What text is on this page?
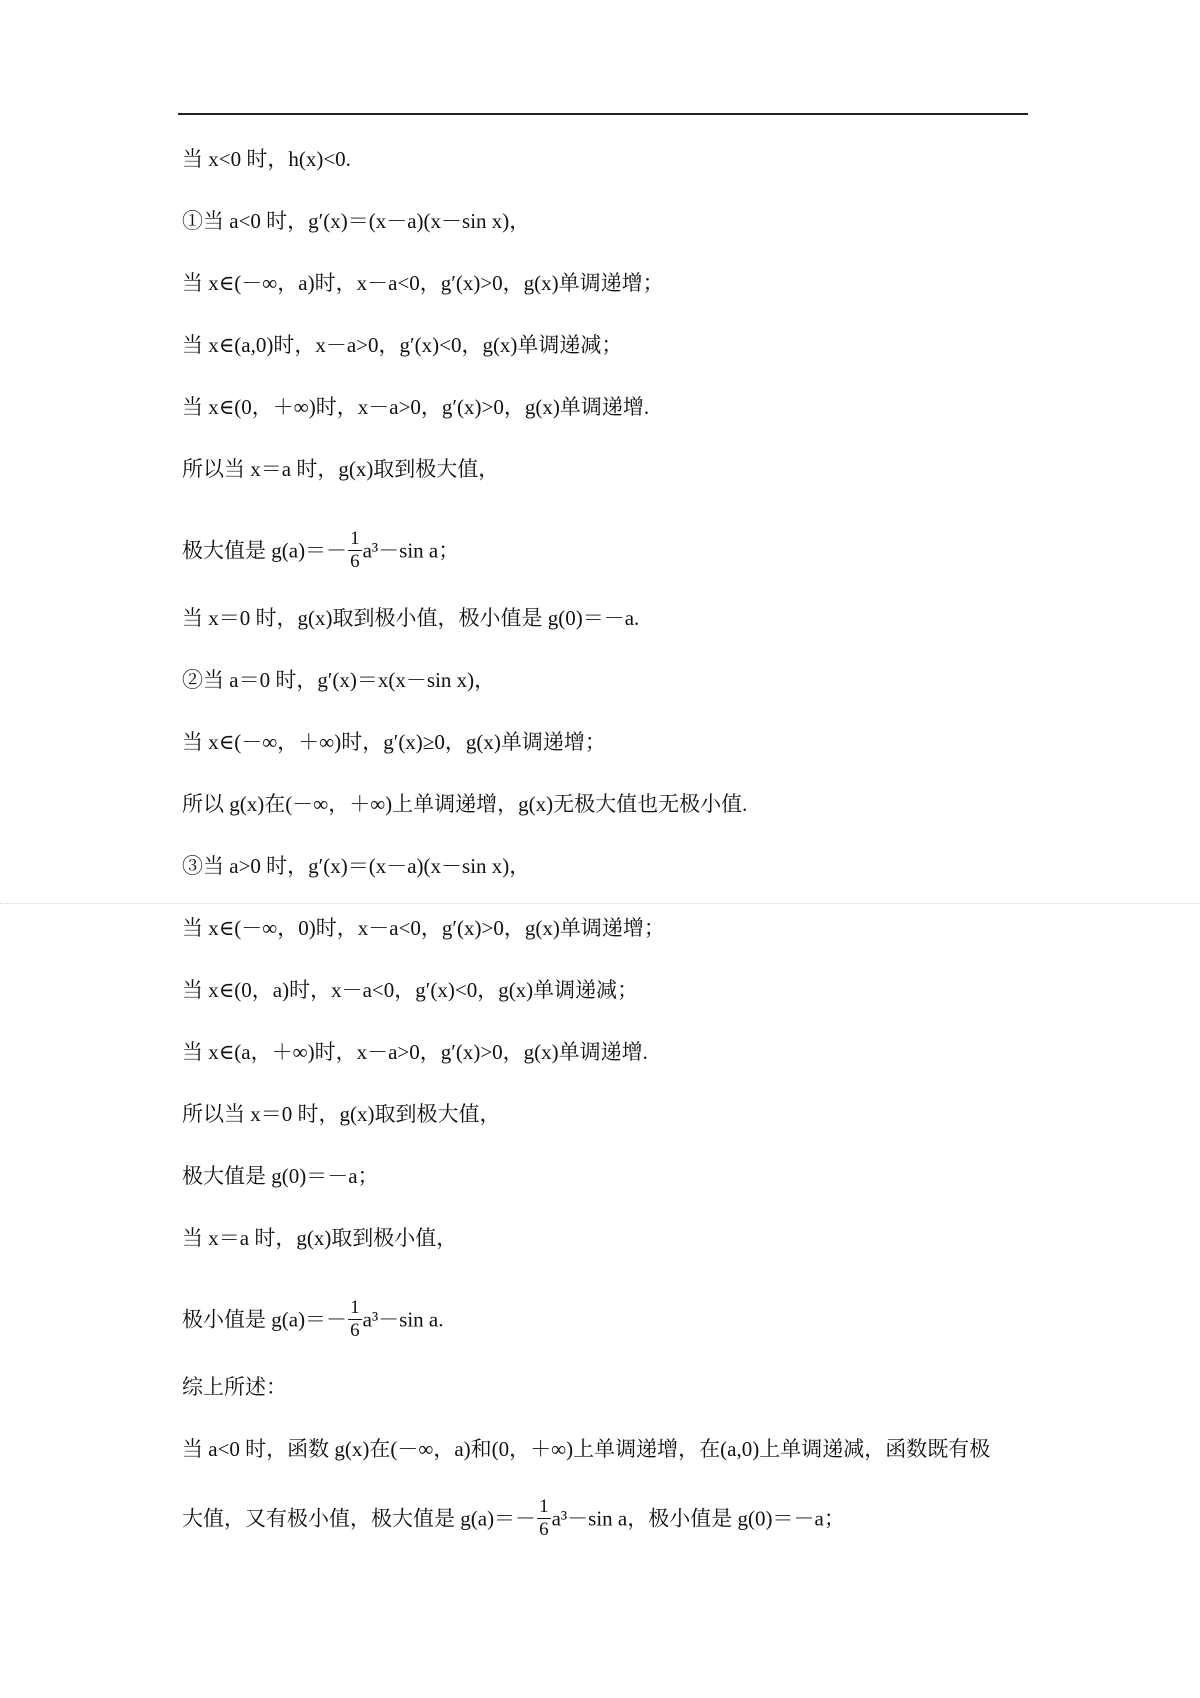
当 x<0 时，h(x)<0.
①当 a<0 时，g′(x)＝(x－a)(x－sin x)，
当 x∈(－∞，a)时，x－a<0，g′(x)>0，g(x)单调递增；
当 x∈(a,0)时，x－a>0，g′(x)<0，g(x)单调递减；
当 x∈(0，＋∞)时，x－a>0，g′(x)>0，g(x)单调递增.
所以当 x＝a 时，g(x)取到极大值，
极大值是 $g(a)=- \frac{1}{6} a^3-\sin$ a；
当 x＝0 时，g(x)取到极小值，极小值是 g(0)＝－a.
②当 a＝0 时，g′(x)＝x(x－sin x)，
当 x∈(－∞，＋∞)时，g′(x)≥0，g(x)单调递增；
所以 g(x)在(－∞，＋∞)上单调递增，g(x)无极大值也无极小值.
③当 a>0 时，g′(x)＝(x－a)(x－sin x)，
当 x∈(－∞，0)时，x－a<0，g′(x)>0，g(x)单调递增；
当 x∈(0，a)时，x－a<0，g′(x)<0，g(x)单调递减；
当 x∈(a，＋∞)时，x－a>0，g′(x)>0，g(x)单调递增.
所以当 x＝0 时，g(x)取到极大值，
极大值是 g(0)＝－a；
当 x＝a 时，g(x)取到极小值，
极小值是 $g(a)=- \frac{1}{6} a^3-\sin$ a.
综上所述：
当 a<0 时，函数 g(x)在(－∞，a)和(0，＋∞)上单调递增，在(a,0)上单调递减，函数既有极
大值，又有极小值，极大值是 $g(a)=- \frac{1}{6} a^3-\sin$ a，极小值是 g(0)＝－a；
